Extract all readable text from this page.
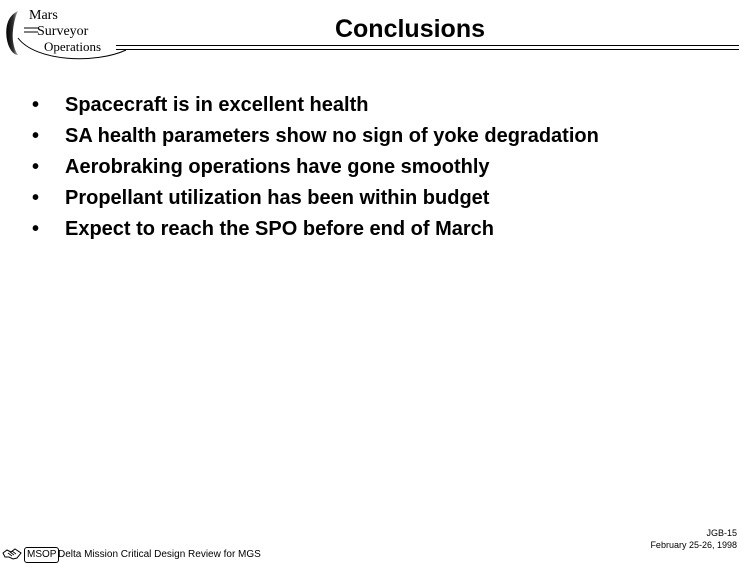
Mars
Surveyor
Operations
Conclusions
• Spacecraft is in excellent health
• SA health parameters show no sign of yoke degradation
• Aerobraking operations have gone smoothly
• Propellant utilization has been within budget
• Expect to reach the SPO before end of March
JGB-15
February 25-26, 1998
MSOP Delta Mission Critical Design Review for MGS
